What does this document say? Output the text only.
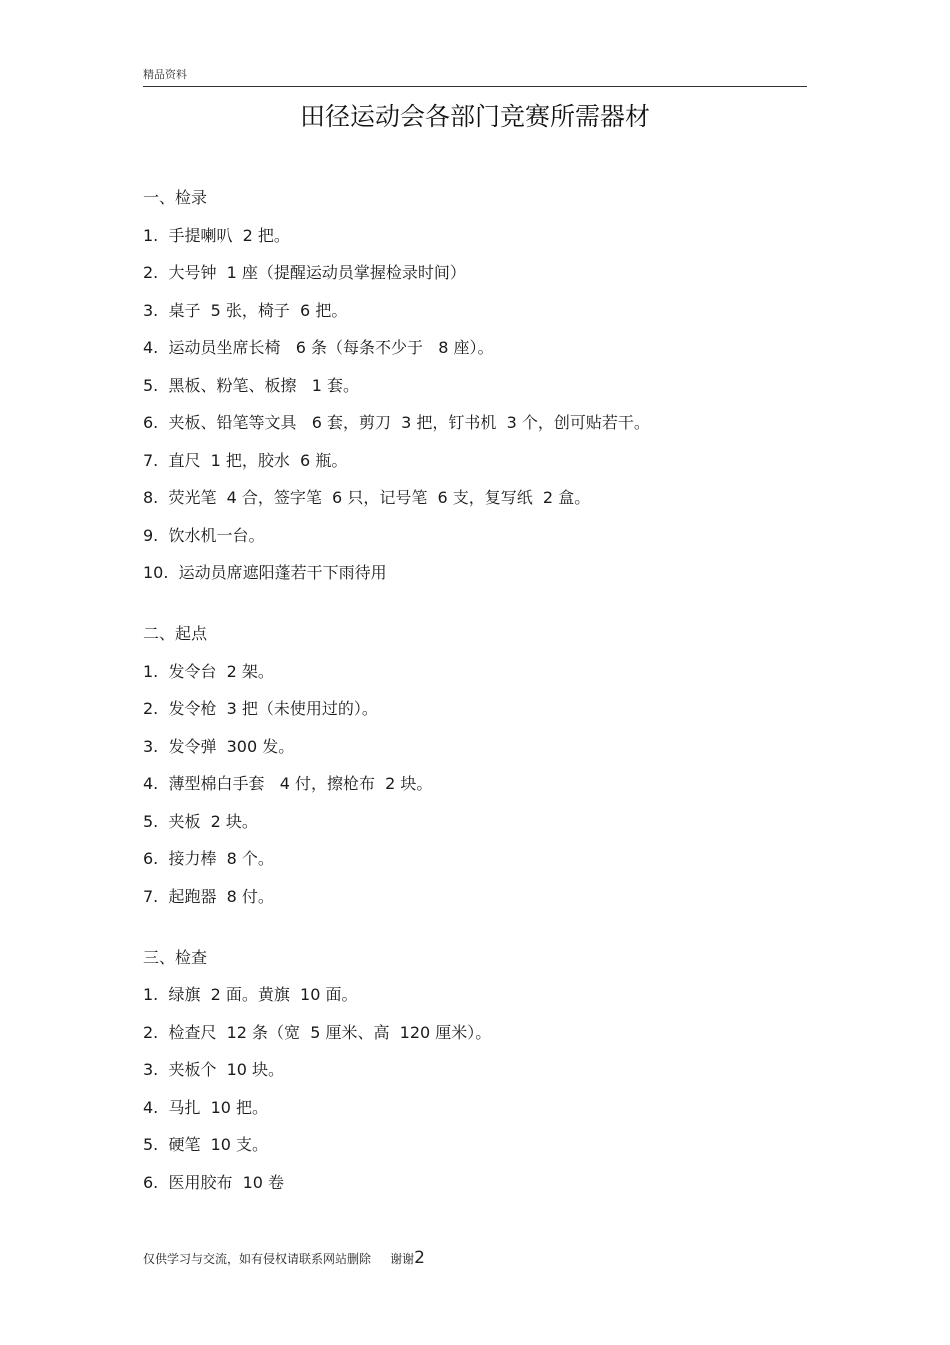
精品资料
田径运动会各部门竞赛所需器材
一、检录
1.  手提喇叭  2 把。
2.  大号钟  1 座（提醒运动员掌握检录时间）
3.  桌子  5 张，椅子  6 把。
4.  运动员坐席长椅   6 条（每条不少于   8 座）。
5.  黑板、粉笔、板擦   1 套。
6.  夹板、铅笔等文具   6 套，剪刀  3 把，钉书机  3 个，创可贴若干。
7.  直尺  1 把，胶水  6 瓶。
8.  荧光笔  4 合，签字笔  6 只，记号笔  6 支，复写纸  2 盒。
9.  饮水机一台。
10.  运动员席遮阳蓬若干下雨待用
二、起点
1.  发令台  2 架。
2.  发令枪  3 把（未使用过的）。
3.  发令弹  300 发。
4.  薄型棉白手套   4 付，擦枪布  2 块。
5.  夹板  2 块。
6.  接力棒  8 个。
7.  起跑器  8 付。
三、检查
1.  绿旗  2 面。黄旗  10 面。
2.  检查尺  12 条（宽  5 厘米、高  120 厘米）。
3.  夹板个  10 块。
4.  马扎  10 把。
5.  硬笔  10 支。
6.  医用胶布  10 卷
仅供学习与交流，如有侵权请联系网站删除     谢谢2
